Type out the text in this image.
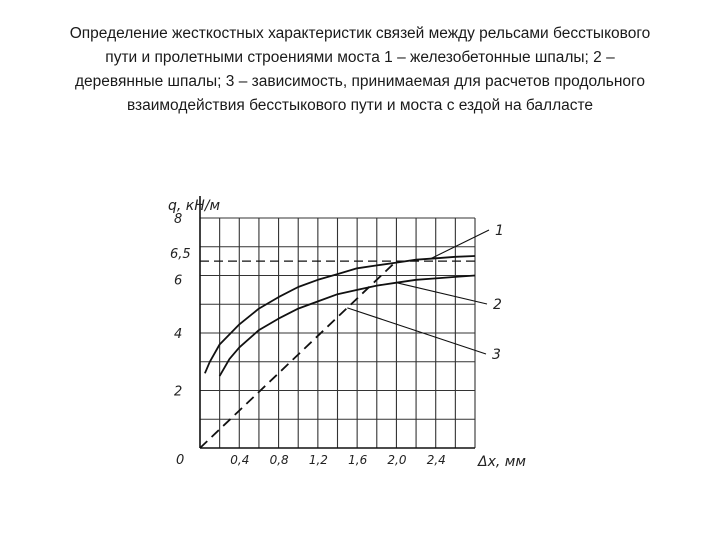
Определение жесткостных характеристик связей между рельсами бесстыкового
пути и пролетными строениями моста 1 – железобетонные шпалы; 2 –
деревянные шпалы; 3 – зависимость, принимаемая для расчетов продольного
взаимодействия бесстыкового пути и моста с ездой на балласте
0,4 0,8 1,2 1,6 2,0 2,4
0
2
4
6
6,5
8
1
2
3
q, кН/м
Δx, мм
